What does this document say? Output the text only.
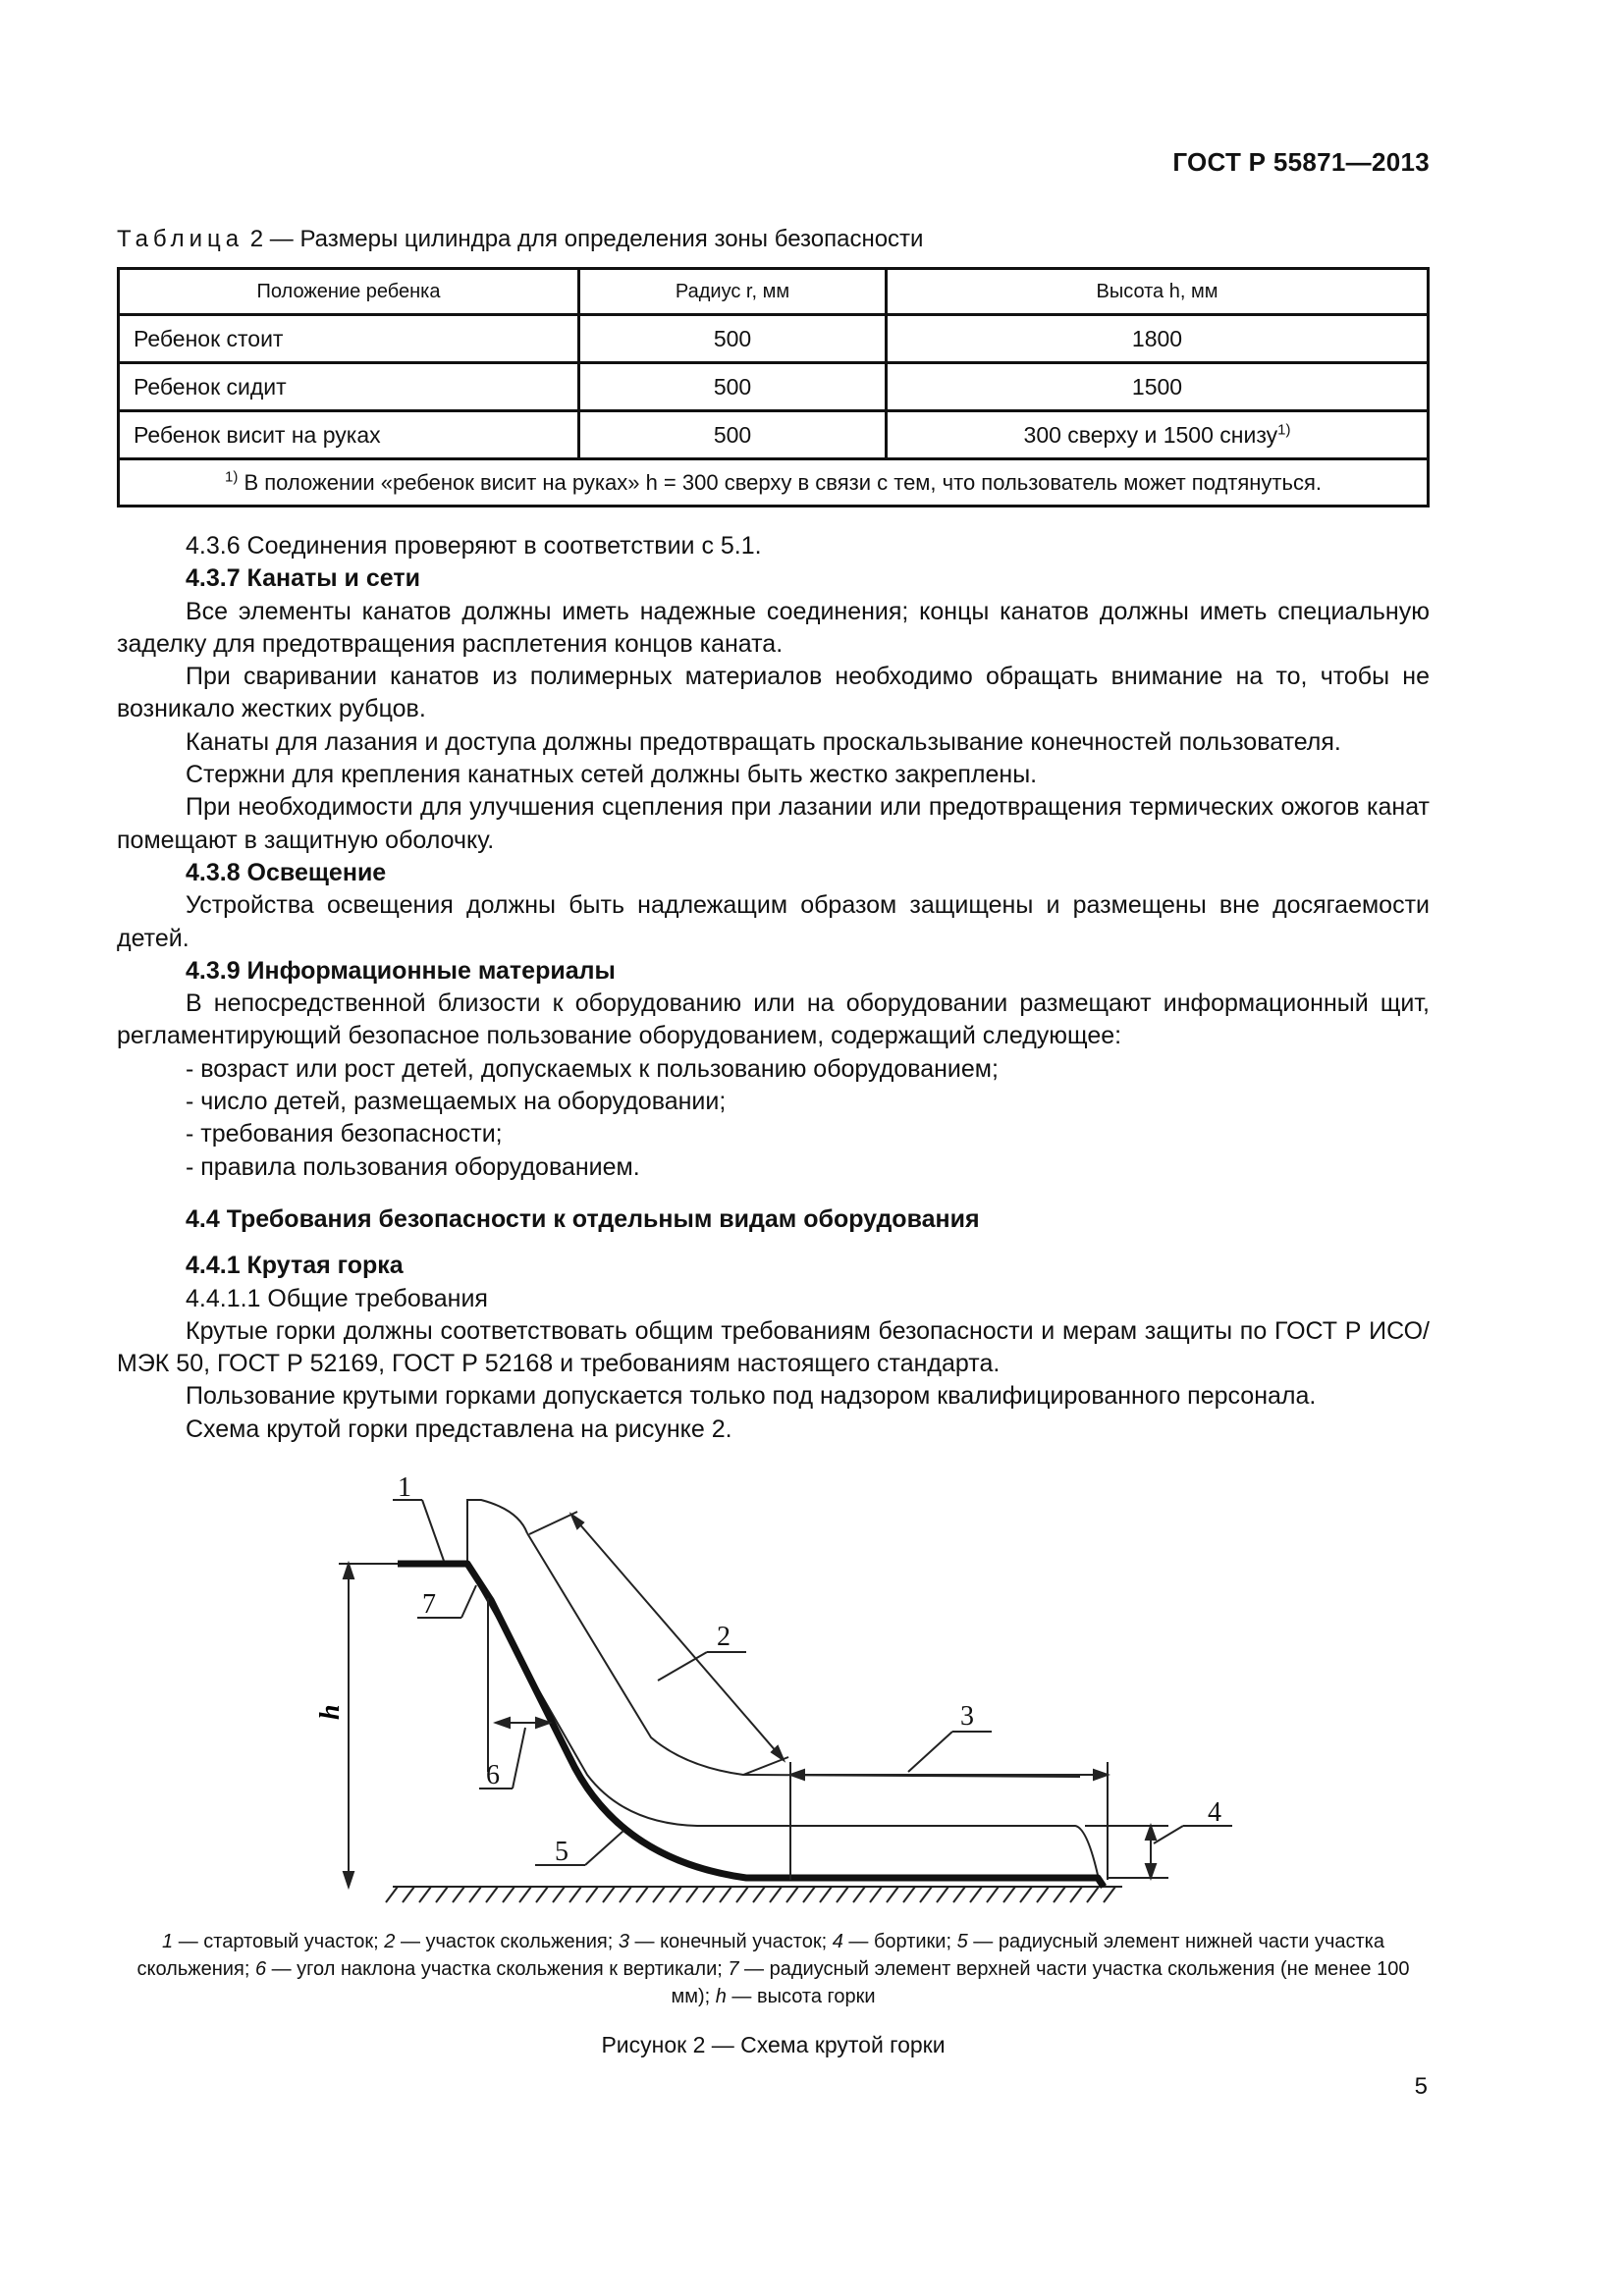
ГОСТ Р 55871—2013
Таблица 2 — Размеры цилиндра для определения зоны безопасности
Положение ребенка	Радиус r, мм	Высота h, мм
Ребенок стоит	500	1800
Ребенок сидит	500	1500
Ребенок висит на руках	500	300 сверху и 1500 снизу$^{1)}$
$^{1)}$ В положении «ребенок висит на руках» h = 300 сверху в связи с тем, что пользователь может подтянуться.		

4.3.6 Соединения проверяют в соответствии с 5.1.

4.3.7 Канаты и сети

Все элементы канатов должны иметь надежные соединения; концы канатов должны иметь специальную заделку для предотвращения расплетения концов каната.

При сваривании канатов из полимерных материалов необходимо обращать внимание на то, чтобы не возникало жестких рубцов.

Канаты для лазания и доступа должны предотвращать проскальзывание конечностей пользователя.

Стержни для крепления канатных сетей должны быть жестко закреплены.

При необходимости для улучшения сцепления при лазании или предотвращения термических ожогов канат помещают в защитную оболочку.

4.3.8 Освещение

Устройства освещения должны быть надлежащим образом защищены и размещены вне досягаемости детей.

4.3.9 Информационные материалы

В непосредственной близости к оборудованию или на оборудовании размещают информационный щит, регламентирующий безопасное пользование оборудованием, содержащий следующее:

- возраст или рост детей, допускаемых к пользованию оборудованием;

- число детей, размещаемых на оборудовании;

- требования безопасности;

- правила пользования оборудованием.

4.4 Требования безопасности к отдельным видам оборудования

4.4.1 Крутая горка

4.4.1.1 Общие требования

Крутые горки должны соответствовать общим требованиям безопасности и мерам защиты по ГОСТ Р ИСО/МЭК 50, ГОСТ Р 52169, ГОСТ Р 52168 и требованиям настоящего стандарта.

Пользование крутыми горками допускается только под надзором квалифицированного персонала.

Схема крутой горки представлена на рисунке 2.

h
1
7
2
3
4
6
5
1 — стартовый участок; 2 — участок скольжения; 3 — конечный участок; 4 — бортики; 5 — радиусный элемент нижней части участка скольжения; 6 — угол наклона участка скольжения к вертикали; 7 — радиусный элемент верхней части участка скольжения (не менее 100 мм); h — высота горки
Рисунок 2 — Схема крутой горки
5
